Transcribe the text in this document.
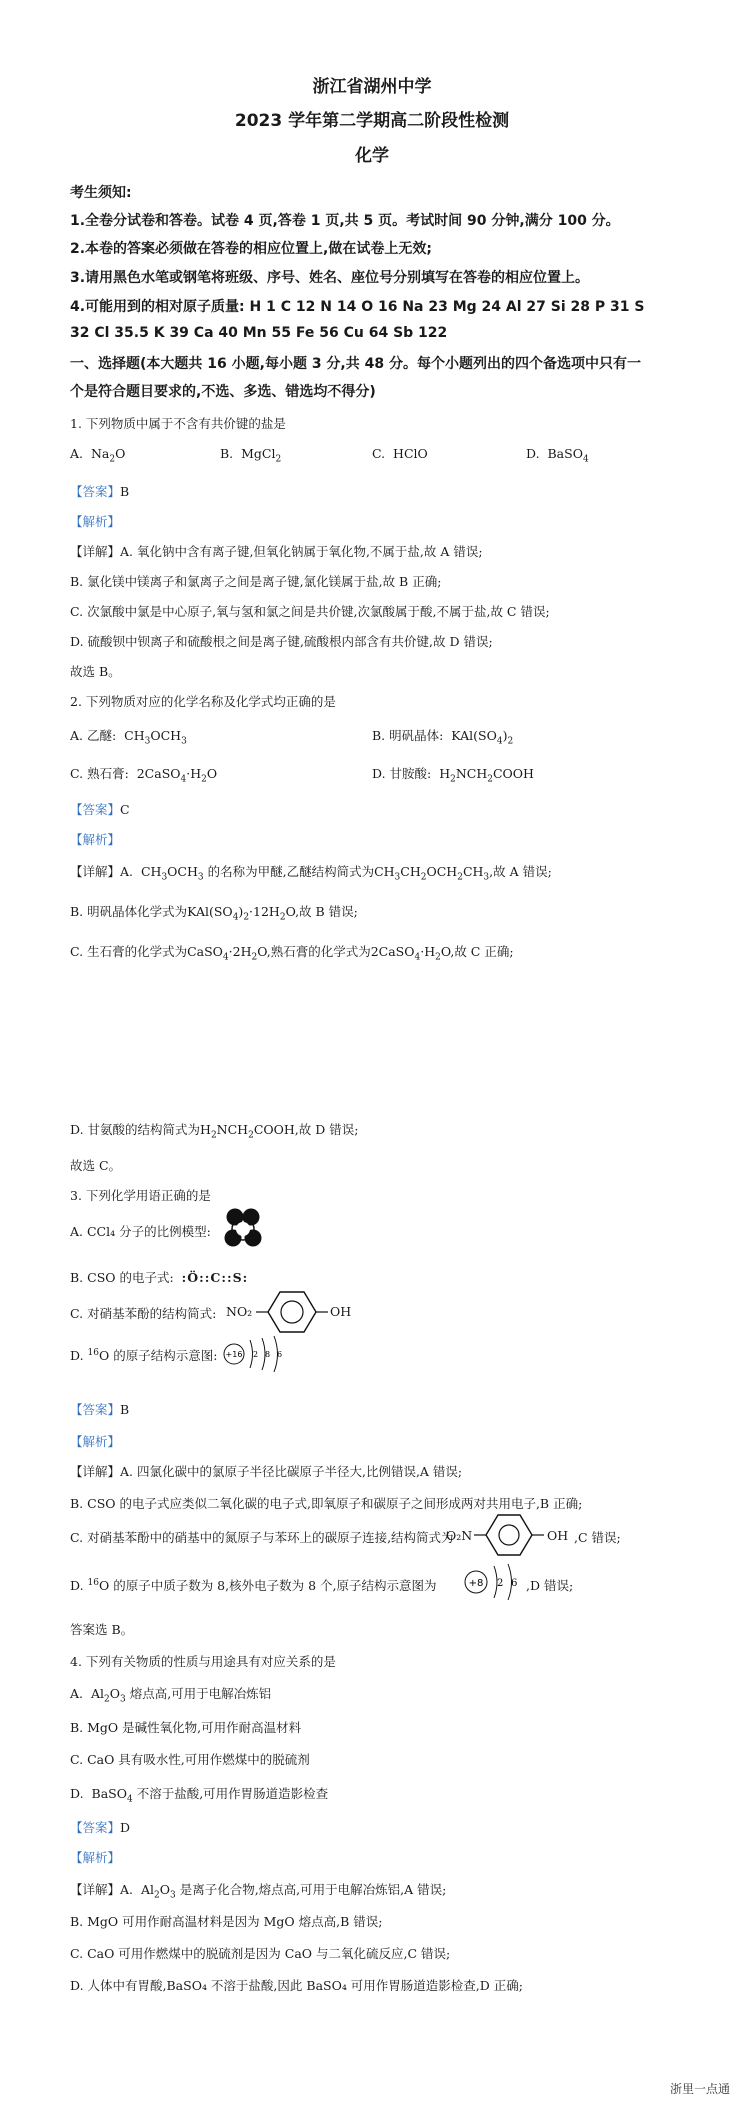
浙江省湖州中学
2023 学年第二学期高二阶段性检测
化学
考生须知:
1.全卷分试卷和答卷。试卷 4 页,答卷 1 页,共 5 页。考试时间 90 分钟,满分 100 分。
2.本卷的答案必须做在答卷的相应位置上,做在试卷上无效;
3.请用黑色水笔或钢笔将班级、序号、姓名、座位号分别填写在答卷的相应位置上。
4.可能用到的相对原子质量: H 1 C 12 N 14 O 16 Na 23 Mg 24 Al 27 Si 28 P 31 S
32 Cl 35.5 K 39 Ca 40 Mn 55 Fe 56 Cu 64 Sb 122
一、选择题(本大题共 16 小题,每小题 3 分,共 48 分。每个小题列出的四个备选项中只有一
个是符合题目要求的,不选、多选、错选均不得分)
1. 下列物质中属于不含有共价键的盐是
A.  $Na_2O$	B.  MgCl$_2$	C.  HClO	D.  BaSO$_4$
【答案】B
【解析】
【详解】A. 氧化钠中含有离子键,但氧化钠属于氧化物,不属于盐,故 A 错误;
B. 氯化镁中镁离子和氯离子之间是离子键,氯化镁属于盐,故 B 正确;
C. 次氯酸中氯是中心原子,氧与氢和氯之间是共价键,次氯酸属于酸,不属于盐,故 C 错误;
D. 硫酸钡中钡离子和硫酸根之间是离子键,硫酸根内部含有共价键,故 D 错误;
故选 B。
2. 下列物质对应的化学名称及化学式均正确的是
A. 乙醚:  $CH_3OCH_3$	B. 明矾晶体:  $KAl(SO_4)_2$
C. 熟石膏:  $2CaSO_4\cdot H_2O$	D. 甘胺酸:  $H_2NCH_2COOH$
【答案】C
【解析】
【详解】A.  $CH_3OCH_3$ 的名称为甲醚,乙醚结构简式为$CH_3CH_2OCH_2CH_3$,故 A 错误;
B. 明矾晶体化学式为$KAl(SO_4)_2\cdot 12H_2O$,故 B 错误;
C. 生石膏的化学式为$CaSO_4\cdot 2H_2O$,熟石膏的化学式为$2CaSO_4\cdot H_2O$,故 C 正确;
D. 甘氨酸的结构简式为$H_2NCH_2COOH$,故 D 错误;
故选 C。
3. 下列化学用语正确的是
A. CCl₄ 分子的比例模型:
B. CSO 的电子式: :Ö::C::S:
C. 对硝基苯酚的结构简式: NO₂	OH
D. $^{16}$O 的原子结构示意图: +16 2 8 6
【答案】B
【解析】
【详解】A. 四氯化碳中的氯原子半径比碳原子半径大,比例错误,A 错误;
B. CSO 的电子式应类似二氧化碳的电子式,即氧原子和碳原子之间形成两对共用电子,B 正确;
C. 对硝基苯酚中的硝基中的氮原子与苯环上的碳原子连接,结构简式为
O₂N	OH ,C 错误;
D. $^{16}$O 的原子中质子数为 8,核外电子数为 8 个,原子结构示意图为	+8 2 6 ,D 错误;
答案选 B。
4. 下列有关物质的性质与用途具有对应关系的是
A.  $Al_2O_3$ 熔点高,可用于电解冶炼铝
B. MgO 是碱性氧化物,可用作耐高温材料
C. CaO 具有吸水性,可用作燃煤中的脱硫剂
D.  BaSO$_4$ 不溶于盐酸,可用作胃肠道造影检查
【答案】D
【解析】
【详解】A.  $Al_2O_3$ 是离子化合物,熔点高,可用于电解冶炼铝,A 错误;
B. MgO 可用作耐高温材料是因为 MgO 熔点高,B 错误;
C. CaO 可用作燃煤中的脱硫剂是因为 CaO 与二氧化硫反应,C 错误;
D. 人体中有胃酸,BaSO₄ 不溶于盐酸,因此 BaSO₄ 可用作胃肠道造影检查,D 正确;
浙里一点通
